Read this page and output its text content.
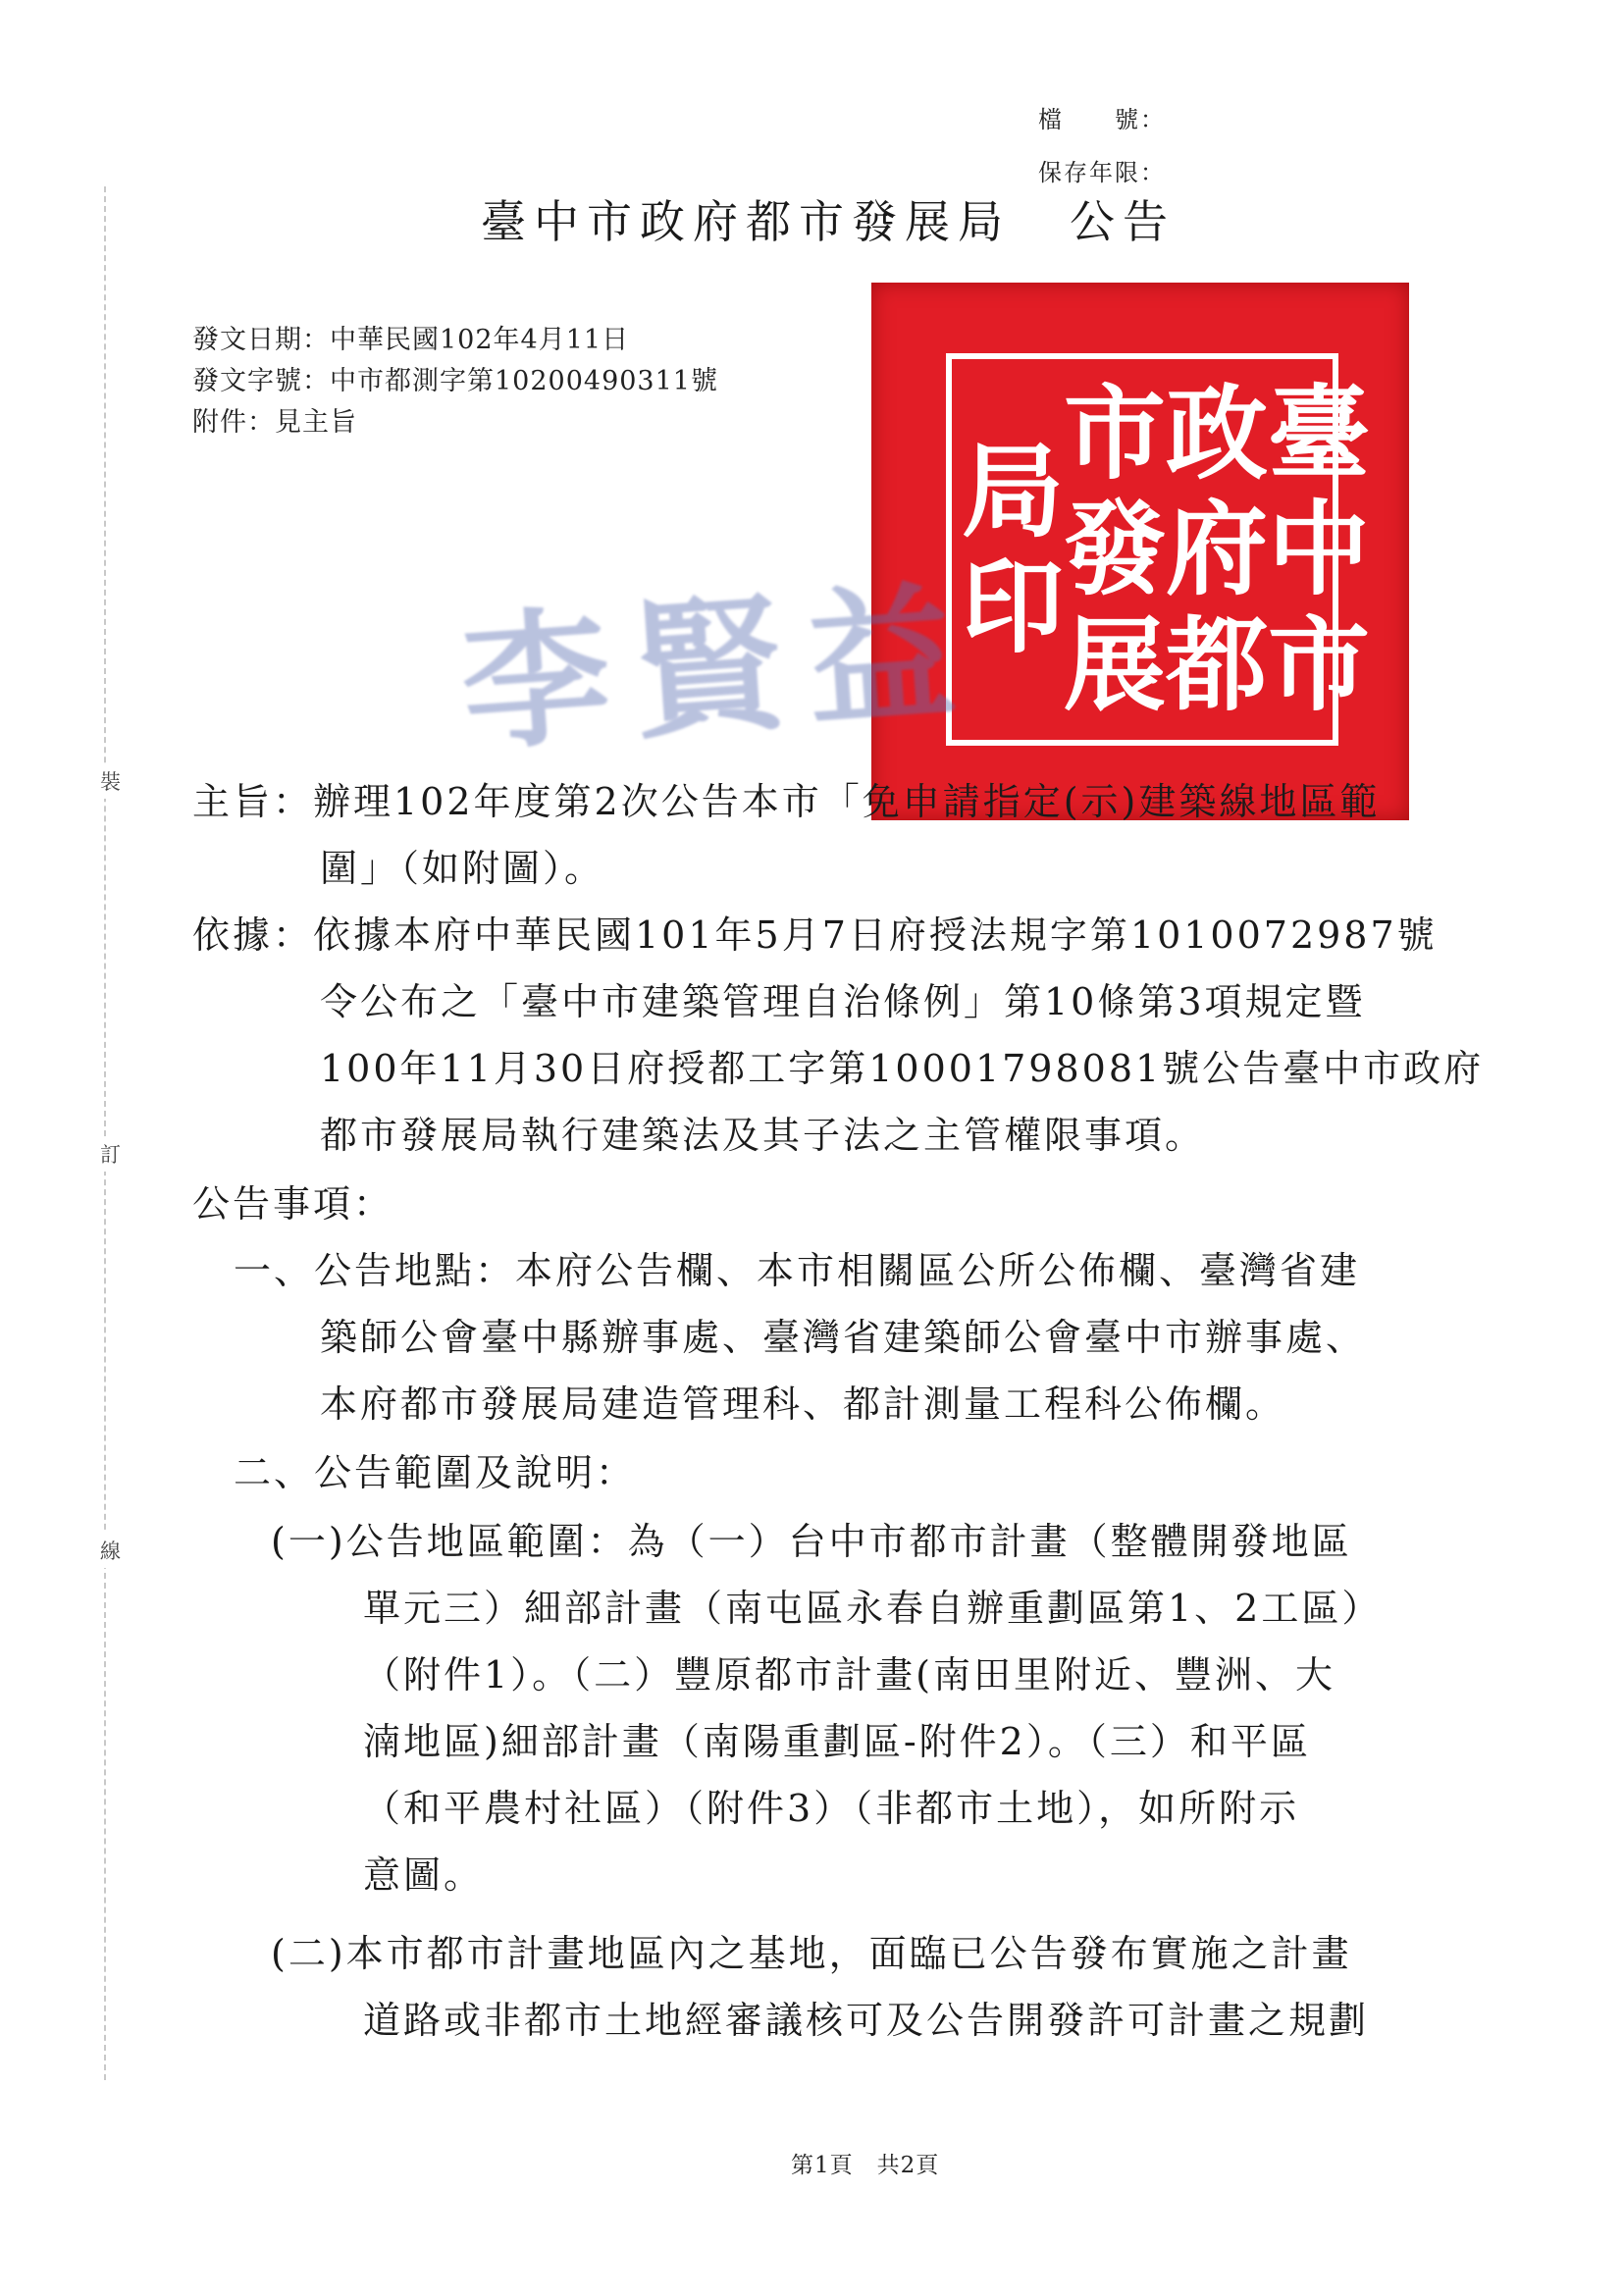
檔　　號：
保存年限：
臺中市政府都市發展局 公告
發文日期：中華民國102年4月11日
發文字號：中市都測字第10200490311號
附件：見主旨
裝
訂
線
臺
中
市
政
府
都
市
發
展
局
印
李賢益
主旨：辦理102年度第2次公告本市「免申請指定(示)建築線地區範
圍」（如附圖）。
依據：依據本府中華民國101年5月7日府授法規字第1010072987號
令公布之「臺中市建築管理自治條例」第10條第3項規定暨
100年11月30日府授都工字第10001798081號公告臺中市政府
都市發展局執行建築法及其子法之主管權限事項。
公告事項：
一、公告地點：本府公告欄、本市相關區公所公佈欄、臺灣省建
築師公會臺中縣辦事處、臺灣省建築師公會臺中市辦事處、
本府都市發展局建造管理科、都計測量工程科公佈欄。
二、公告範圍及說明：
(一)公告地區範圍：為（一）台中市都市計畫（整體開發地區
單元三）細部計畫（南屯區永春自辦重劃區第1、2工區）
（附件1）。（二）豐原都市計畫(南田里附近、豐洲、大
湳地區)細部計畫（南陽重劃區-附件2）。（三）和平區
（和平農村社區）（附件3）（非都市土地），如所附示
意圖。
(二)本市都市計畫地區內之基地，面臨已公告發布實施之計畫
道路或非都市土地經審議核可及公告開發許可計畫之規劃
第1頁　共2頁
